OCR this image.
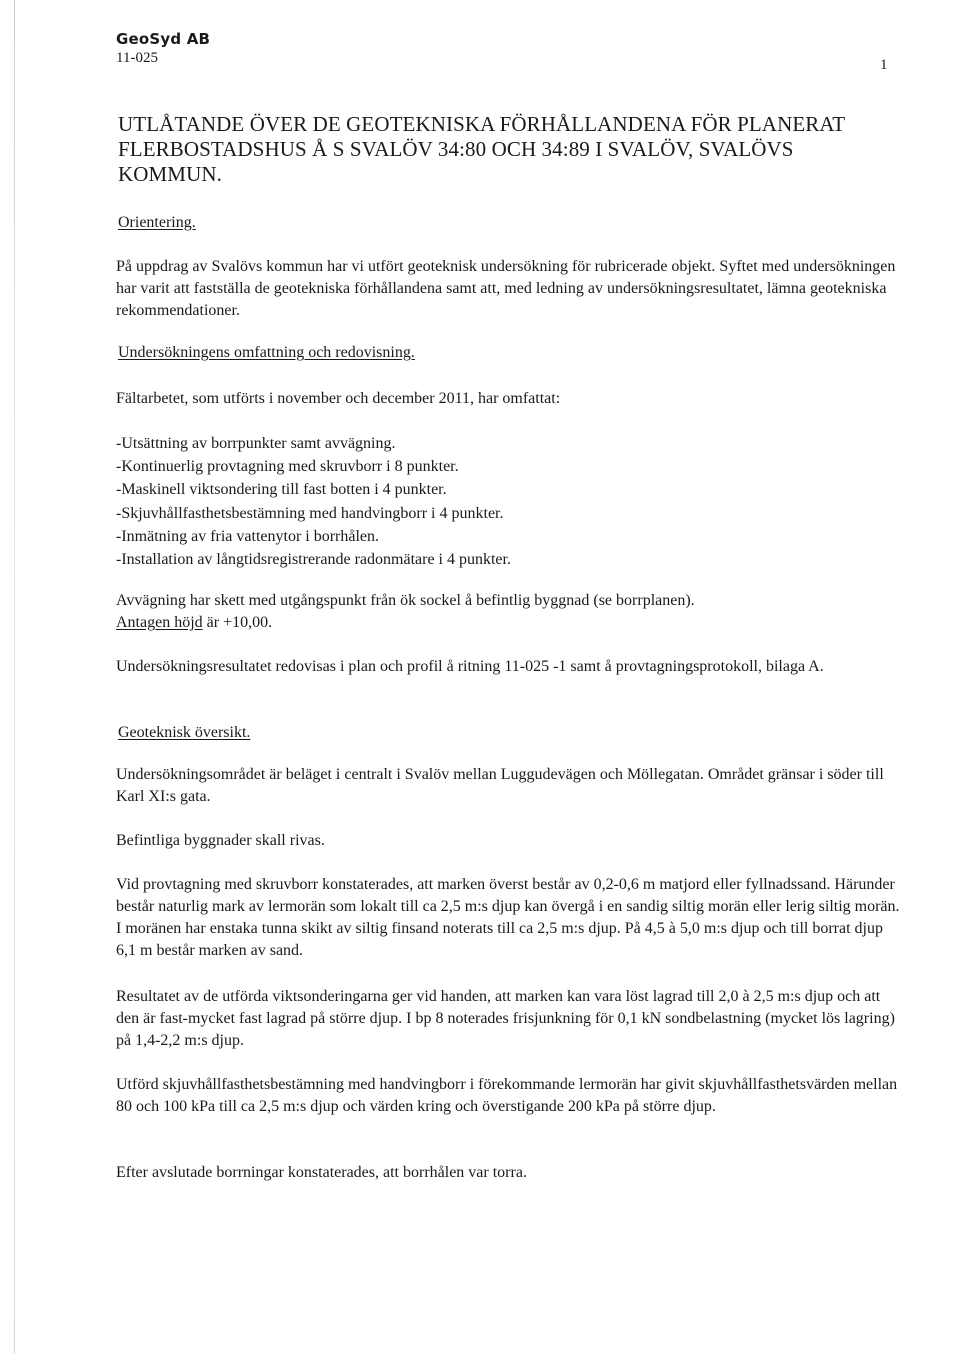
GeoSyd AB
11-025	1
UTLÅTANDE ÖVER DE GEOTEKNISKA FÖRHÅLLANDENA FÖR PLANERAT FLERBOSTADSHUS Å S SVALÖV 34:80 OCH 34:89 I SVALÖV, SVALÖVS KOMMUN.
Orientering.
På uppdrag av Svalövs kommun har vi utfört geoteknisk undersökning för rubricerade objekt. Syftet med undersökningen har varit att fastställa de geotekniska förhållandena samt att, med ledning av undersökningsresultatet, lämna geotekniska rekommendationer.
Undersökningens omfattning och redovisning.
Fältarbetet, som utförts i november och december 2011, har omfattat:
-Utsättning av borrpunkter samt avvägning.
-Kontinuerlig provtagning med skruvborr i 8 punkter.
-Maskinell viktsondering till fast botten i 4 punkter.
-Skjuvhållfasthetsbestämning med handvingborr i 4 punkter.
-Inmätning av fria vattenytor i borrhålen.
-Installation av långtidsregistrerande radonmätare i 4 punkter.
Avvägning har skett med utgångspunkt från ök sockel å befintlig byggnad (se borrplanen).
Antagen höjd är +10,00.
Undersökningsresultatet redovisas i plan och profil å ritning 11-025 -1 samt å provtagningsprotokoll, bilaga A.
Geoteknisk översikt.
Undersökningsområdet är beläget i centralt i Svalöv mellan Luggudevägen och Möllegatan. Området gränsar i söder till Karl XI:s gata.
Befintliga byggnader skall rivas.
Vid provtagning med skruvborr konstaterades, att marken överst består av 0,2-0,6 m matjord eller fyllnadssand. Härunder består naturlig mark av lermorän som lokalt till ca 2,5 m:s djup kan övergå i en sandig siltig morän eller lerig siltig morän. I moränen har enstaka tunna skikt av siltig finsand noterats till ca 2,5 m:s djup. På 4,5 à 5,0 m:s djup och till borrat djup 6,1 m består marken av sand.
Resultatet av de utförda viktsonderingarna ger vid handen, att marken kan vara löst lagrad till 2,0 à 2,5 m:s djup och att den är fast-mycket fast lagrad på större djup. I bp 8 noterades frisjunkning för 0,1 kN sondbelastning (mycket lös lagring) på 1,4-2,2 m:s djup.
Utförd skjuvhållfasthetsbestämning med handvingborr i förekommande lermorän har givit skjuvhållfasthetsvärden mellan 80 och 100 kPa till ca 2,5 m:s djup och värden kring och överstigande 200 kPa på större djup.
Efter avslutade borrningar konstaterades, att borrhålen var torra.
